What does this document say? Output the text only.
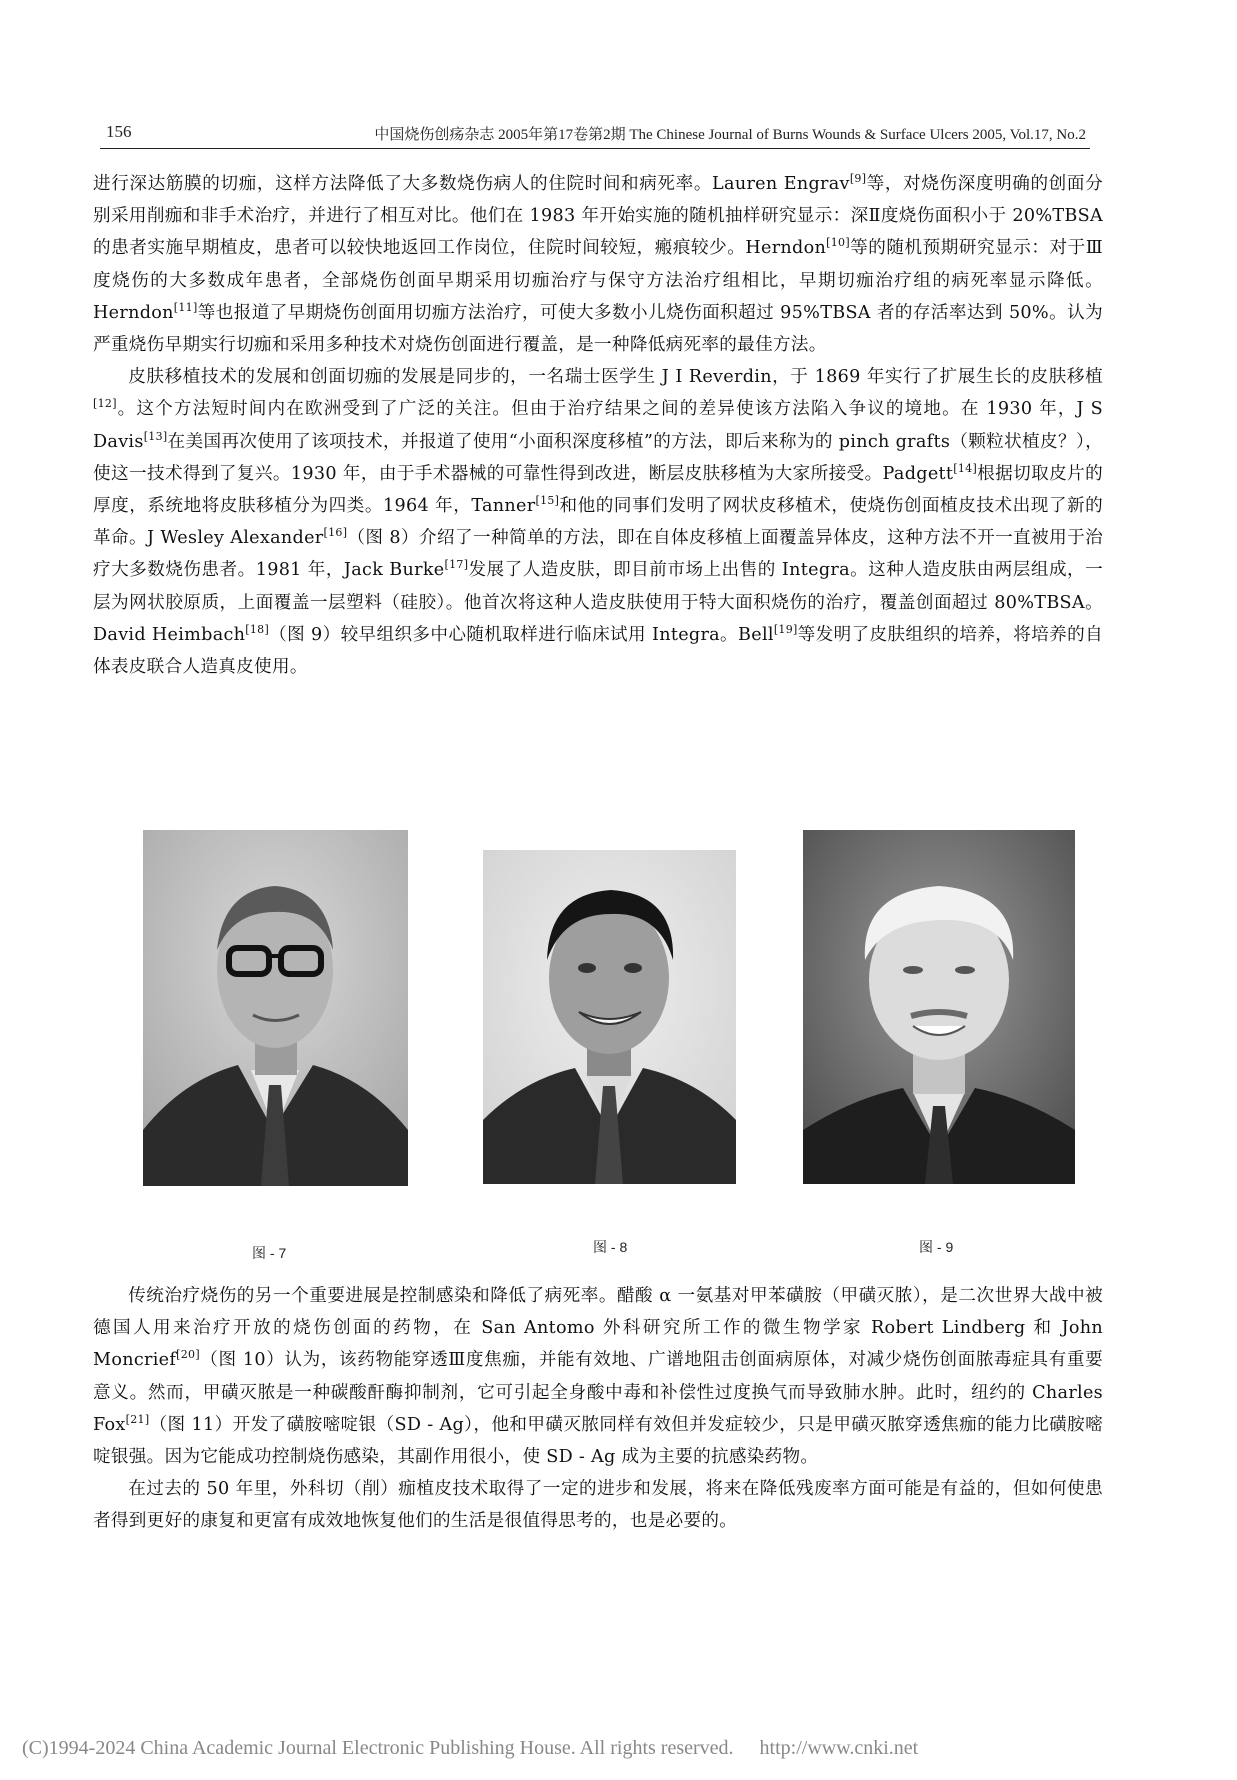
156	中国烧伤创疡杂志 2005年第17卷第2期 The Chinese Journal of Burns Wounds & Surface Ulcers 2005, Vol.17, No.2

进行深达筋膜的切痂，这样方法降低了大多数烧伤病人的住院时间和病死率。Lauren Engrav[9]等，对烧伤深度明确的创面分别采用削痂和非手术治疗，并进行了相互对比。他们在 1983 年开始实施的随机抽样研究显示：深Ⅱ度烧伤面积小于 20%TBSA 的患者实施早期植皮，患者可以较快地返回工作岗位，住院时间较短，瘢痕较少。Herndon[10]等的随机预期研究显示：对于Ⅲ度烧伤的大多数成年患者，全部烧伤创面早期采用切痂治疗与保守方法治疗组相比，早期切痂治疗组的病死率显示降低。Herndon[11]等也报道了早期烧伤创面用切痂方法治疗，可使大多数小儿烧伤面积超过 95%TBSA 者的存活率达到 50%。认为严重烧伤早期实行切痂和采用多种技术对烧伤创面进行覆盖，是一种降低病死率的最佳方法。

皮肤移植技术的发展和创面切痂的发展是同步的，一名瑞士医学生 J I Reverdin，于 1869 年实行了扩展生长的皮肤移植[12]。这个方法短时间内在欧洲受到了广泛的关注。但由于治疗结果之间的差异使该方法陷入争议的境地。在 1930 年，J S Davis[13]在美国再次使用了该项技术，并报道了使用“小面积深度移植”的方法，即后来称为的 pinch grafts（颗粒状植皮？），使这一技术得到了复兴。1930 年，由于手术器械的可靠性得到改进，断层皮肤移植为大家所接受。Padgett[14]根据切取皮片的厚度，系统地将皮肤移植分为四类。1964 年，Tanner[15]和他的同事们发明了网状皮移植术，使烧伤创面植皮技术出现了新的革命。J Wesley Alexander[16]（图 8）介绍了一种简单的方法，即在自体皮移植上面覆盖异体皮，这种方法不开一直被用于治疗大多数烧伤患者。1981 年，Jack Burke[17]发展了人造皮肤，即目前市场上出售的 Integra。这种人造皮肤由两层组成，一层为网状胶原质，上面覆盖一层塑料（硅胶）。他首次将这种人造皮肤使用于特大面积烧伤的治疗，覆盖创面超过 80%TBSA。David Heimbach[18]（图 9）较早组织多中心随机取样进行临床试用 Integra。Bell[19]等发明了皮肤组织的培养，将培养的自体表皮联合人造真皮使用。

图 - 7	图 - 8	图 - 9

传统治疗烧伤的另一个重要进展是控制感染和降低了病死率。醋酸 α 一氨基对甲苯磺胺（甲磺灭脓），是二次世界大战中被德国人用来治疗开放的烧伤创面的药物，在 San Antomo 外科研究所工作的微生物学家 Robert Lindberg 和 John Moncrief[20]（图 10）认为，该药物能穿透Ⅲ度焦痂，并能有效地、广谱地阻击创面病原体，对减少烧伤创面脓毒症具有重要意义。然而，甲磺灭脓是一种碳酸酐酶抑制剂，它可引起全身酸中毒和补偿性过度换气而导致肺水肿。此时，纽约的 Charles Fox[21]（图 11）开发了磺胺嘧啶银（SD - Ag），他和甲磺灭脓同样有效但并发症较少，只是甲磺灭脓穿透焦痂的能力比磺胺嘧啶银强。因为它能成功控制烧伤感染，其副作用很小，使 SD - Ag 成为主要的抗感染药物。

在过去的 50 年里，外科切（削）痂植皮技术取得了一定的进步和发展，将来在降低残废率方面可能是有益的，但如何使患者得到更好的康复和更富有成效地恢复他们的生活是很值得思考的，也是必要的。

(C)1994-2024 China Academic Journal Electronic Publishing House. All rights reserved. http://www.cnki.net
